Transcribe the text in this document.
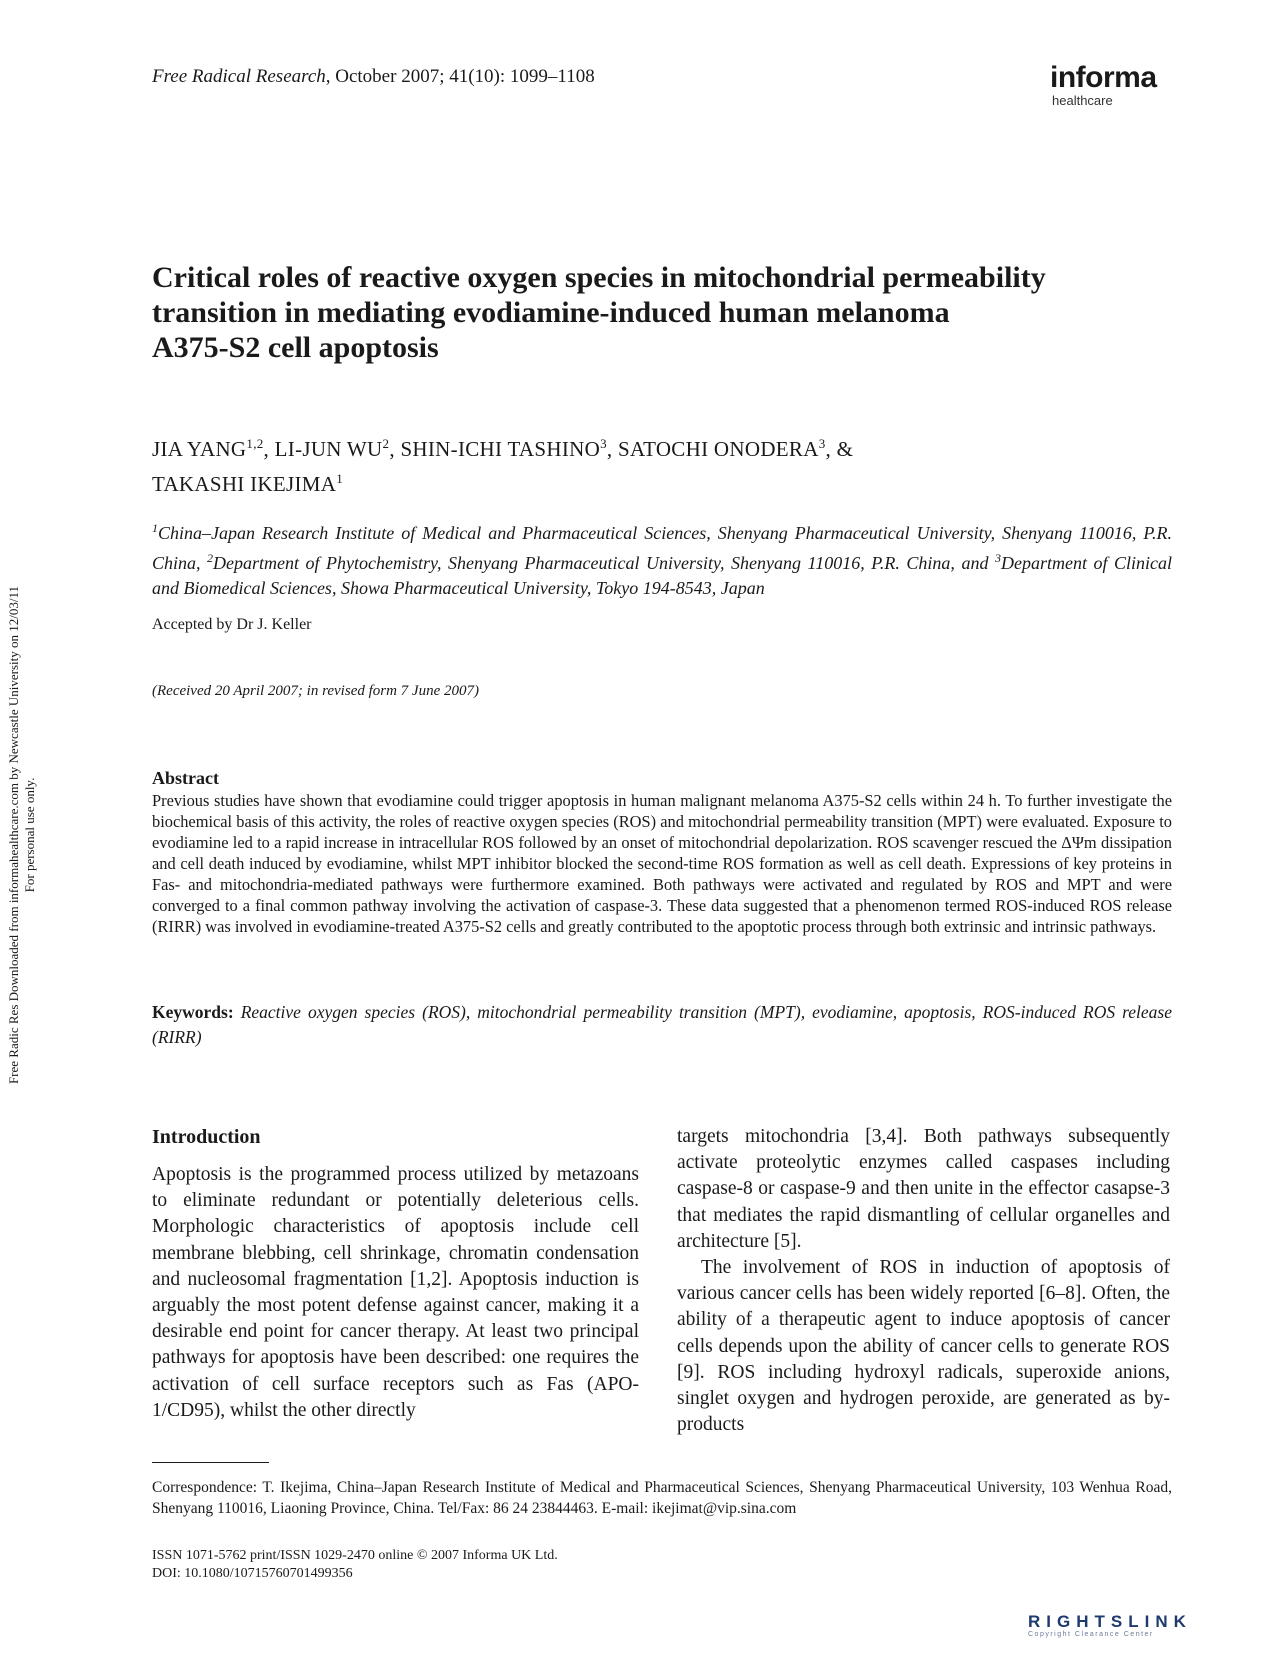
Free Radical Research, October 2007; 41(10): 1099–1108	informa
healthcare
Critical roles of reactive oxygen species in mitochondrial permeability
transition in mediating evodiamine-induced human melanoma
A375-S2 cell apoptosis
JIA YANG$^{1,2}$, LI-JUN $WU^2$, SHIN-ICHI TASHINO$^3$, SATOCHI ONODERA$^3$, &
TAKASHI IKEJIMA$^1$
$^1$China–Japan Research Institute of Medical and Pharmaceutical Sciences, Shenyang Pharmaceutical University, Shenyang 110016, P.R. China, $^2$Department of Phytochemistry, Shenyang Pharmaceutical University, Shenyang 110016, P.R. China, and $^3$Department of Clinical and Biomedical Sciences, Showa Pharmaceutical University, Tokyo 194-8543, Japan
Accepted by Dr J. Keller
(Received 20 April 2007; in revised form 7 June 2007)
Abstract
Previous studies have shown that evodiamine could trigger apoptosis in human malignant melanoma A375-S2 cells within 24 h. To further investigate the biochemical basis of this activity, the roles of reactive oxygen species (ROS) and mitochondrial permeability transition (MPT) were evaluated. Exposure to evodiamine led to a rapid increase in intracellular ROS followed by an onset of mitochondrial depolarization. ROS scavenger rescued the ΔΨm dissipation and cell death induced by evodiamine, whilst MPT inhibitor blocked the second-time ROS formation as well as cell death. Expressions of key proteins in Fas- and mitochondria-mediated pathways were furthermore examined. Both pathways were activated and regulated by ROS and MPT and were converged to a final common pathway involving the activation of caspase-3. These data suggested that a phenomenon termed ROS-induced ROS release (RIRR) was involved in evodiamine-treated A375-S2 cells and greatly contributed to the apoptotic process through both extrinsic and intrinsic pathways.
Keywords: Reactive oxygen species (ROS), mitochondrial permeability transition (MPT), evodiamine, apoptosis, ROS-induced ROS release (RIRR)
Introduction
Apoptosis is the programmed process utilized by metazoans to eliminate redundant or potentially deleterious cells. Morphologic characteristics of apoptosis include cell membrane blebbing, cell shrinkage, chromatin condensation and nucleosomal fragmentation [1,2]. Apoptosis induction is arguably the most potent defense against cancer, making it a desirable end point for cancer therapy. At least two principal pathways for apoptosis have been described: one requires the activation of cell surface receptors such as Fas (APO-1/CD95), whilst the other directly

targets mitochondria [3,4]. Both pathways subsequently activate proteolytic enzymes called caspases including caspase-8 or caspase-9 and then unite in the effector casapse-3 that mediates the rapid dismantling of cellular organelles and architecture [5].

The involvement of ROS in induction of apoptosis of various cancer cells has been widely reported [6–8]. Often, the ability of a therapeutic agent to induce apoptosis of cancer cells depends upon the ability of cancer cells to generate ROS [9]. ROS including hydroxyl radicals, superoxide anions, singlet oxygen and hydrogen peroxide, are generated as by-products

Correspondence: T. Ikejima, China–Japan Research Institute of Medical and Pharmaceutical Sciences, Shenyang Pharmaceutical University, 103 Wenhua Road, Shenyang 110016, Liaoning Province, China. Tel/Fax: 86 24 23844463. E-mail: ikejimat@vip.sina.com
ISSN 1071-5762 print/ISSN 1029-2470 online © 2007 Informa UK Ltd.
DOI: 10.1080/10715760701499356
Free Radic Res Downloaded from informahealthcare.com by Newcastle University on 12/03/11 For personal use only.
RIGHTSLINK
Copyright Clearance Center
